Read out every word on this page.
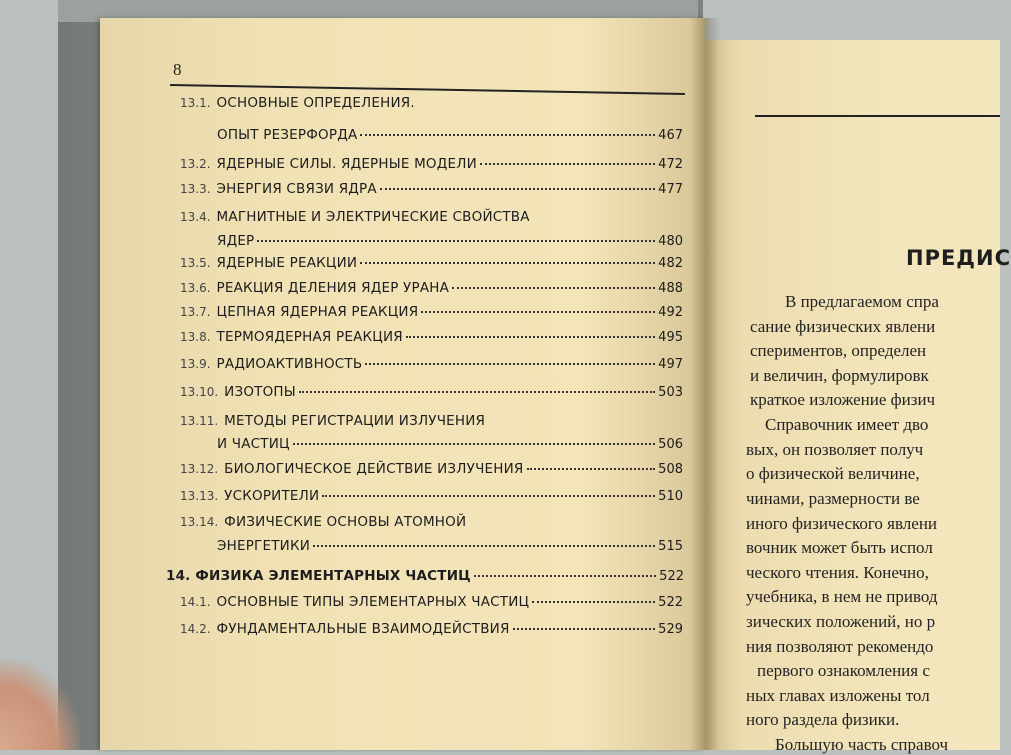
8
13.1. ОСНОВНЫЕ ОПРЕДЕЛЕНИЯ.
ОПЫТ РЕЗЕРФОРДА	467
13.2. ЯДЕРНЫЕ СИЛЫ. ЯДЕРНЫЕ МОДЕЛИ	472
13.3. ЭНЕРГИЯ СВЯЗИ ЯДРА	477
13.4. МАГНИТНЫЕ И ЭЛЕКТРИЧЕСКИЕ СВОЙСТВА
ЯДЕР	480
13.5. ЯДЕРНЫЕ РЕАКЦИИ	482
13.6. РЕАКЦИЯ ДЕЛЕНИЯ ЯДЕР УРАНА	488
13.7. ЦЕПНАЯ ЯДЕРНАЯ РЕАКЦИЯ	492
13.8. ТЕРМОЯДЕРНАЯ РЕАКЦИЯ	495
13.9. РАДИОАКТИВНОСТЬ	497
13.10. ИЗОТОПЫ	503
13.11. МЕТОДЫ РЕГИСТРАЦИИ ИЗЛУЧЕНИЯ
И ЧАСТИЦ	506
13.12. БИОЛОГИЧЕСКОЕ ДЕЙСТВИЕ ИЗЛУЧЕНИЯ	508
13.13. УСКОРИТЕЛИ	510
13.14. ФИЗИЧЕСКИЕ ОСНОВЫ АТОМНОЙ
ЭНЕРГЕТИКИ	515
14. ФИЗИКА ЭЛЕМЕНТАРНЫХ ЧАСТИЦ	522
14.1. ОСНОВНЫЕ ТИПЫ ЭЛЕМЕНТАРНЫХ ЧАСТИЦ	522
14.2. ФУНДАМЕНТАЛЬНЫЕ ВЗАИМОДЕЙСТВИЯ	529
ПРЕДИС
В предлагаемом спра
сание физических явлени
спериментов, определен
и величин, формулировк
краткое изложение физич
Справочник имеет дво
вых, он позволяет получ
о физической величине,
чинами, размерности ве
иного физического явлени
вочник может быть испол
ческого чтения. Конечно,
учебника, в нем не привод
зических положений, но р
ния позволяют рекомендо
первого ознакомления с
ных главах изложены тол
ного раздела физики.
Большую часть справоч
